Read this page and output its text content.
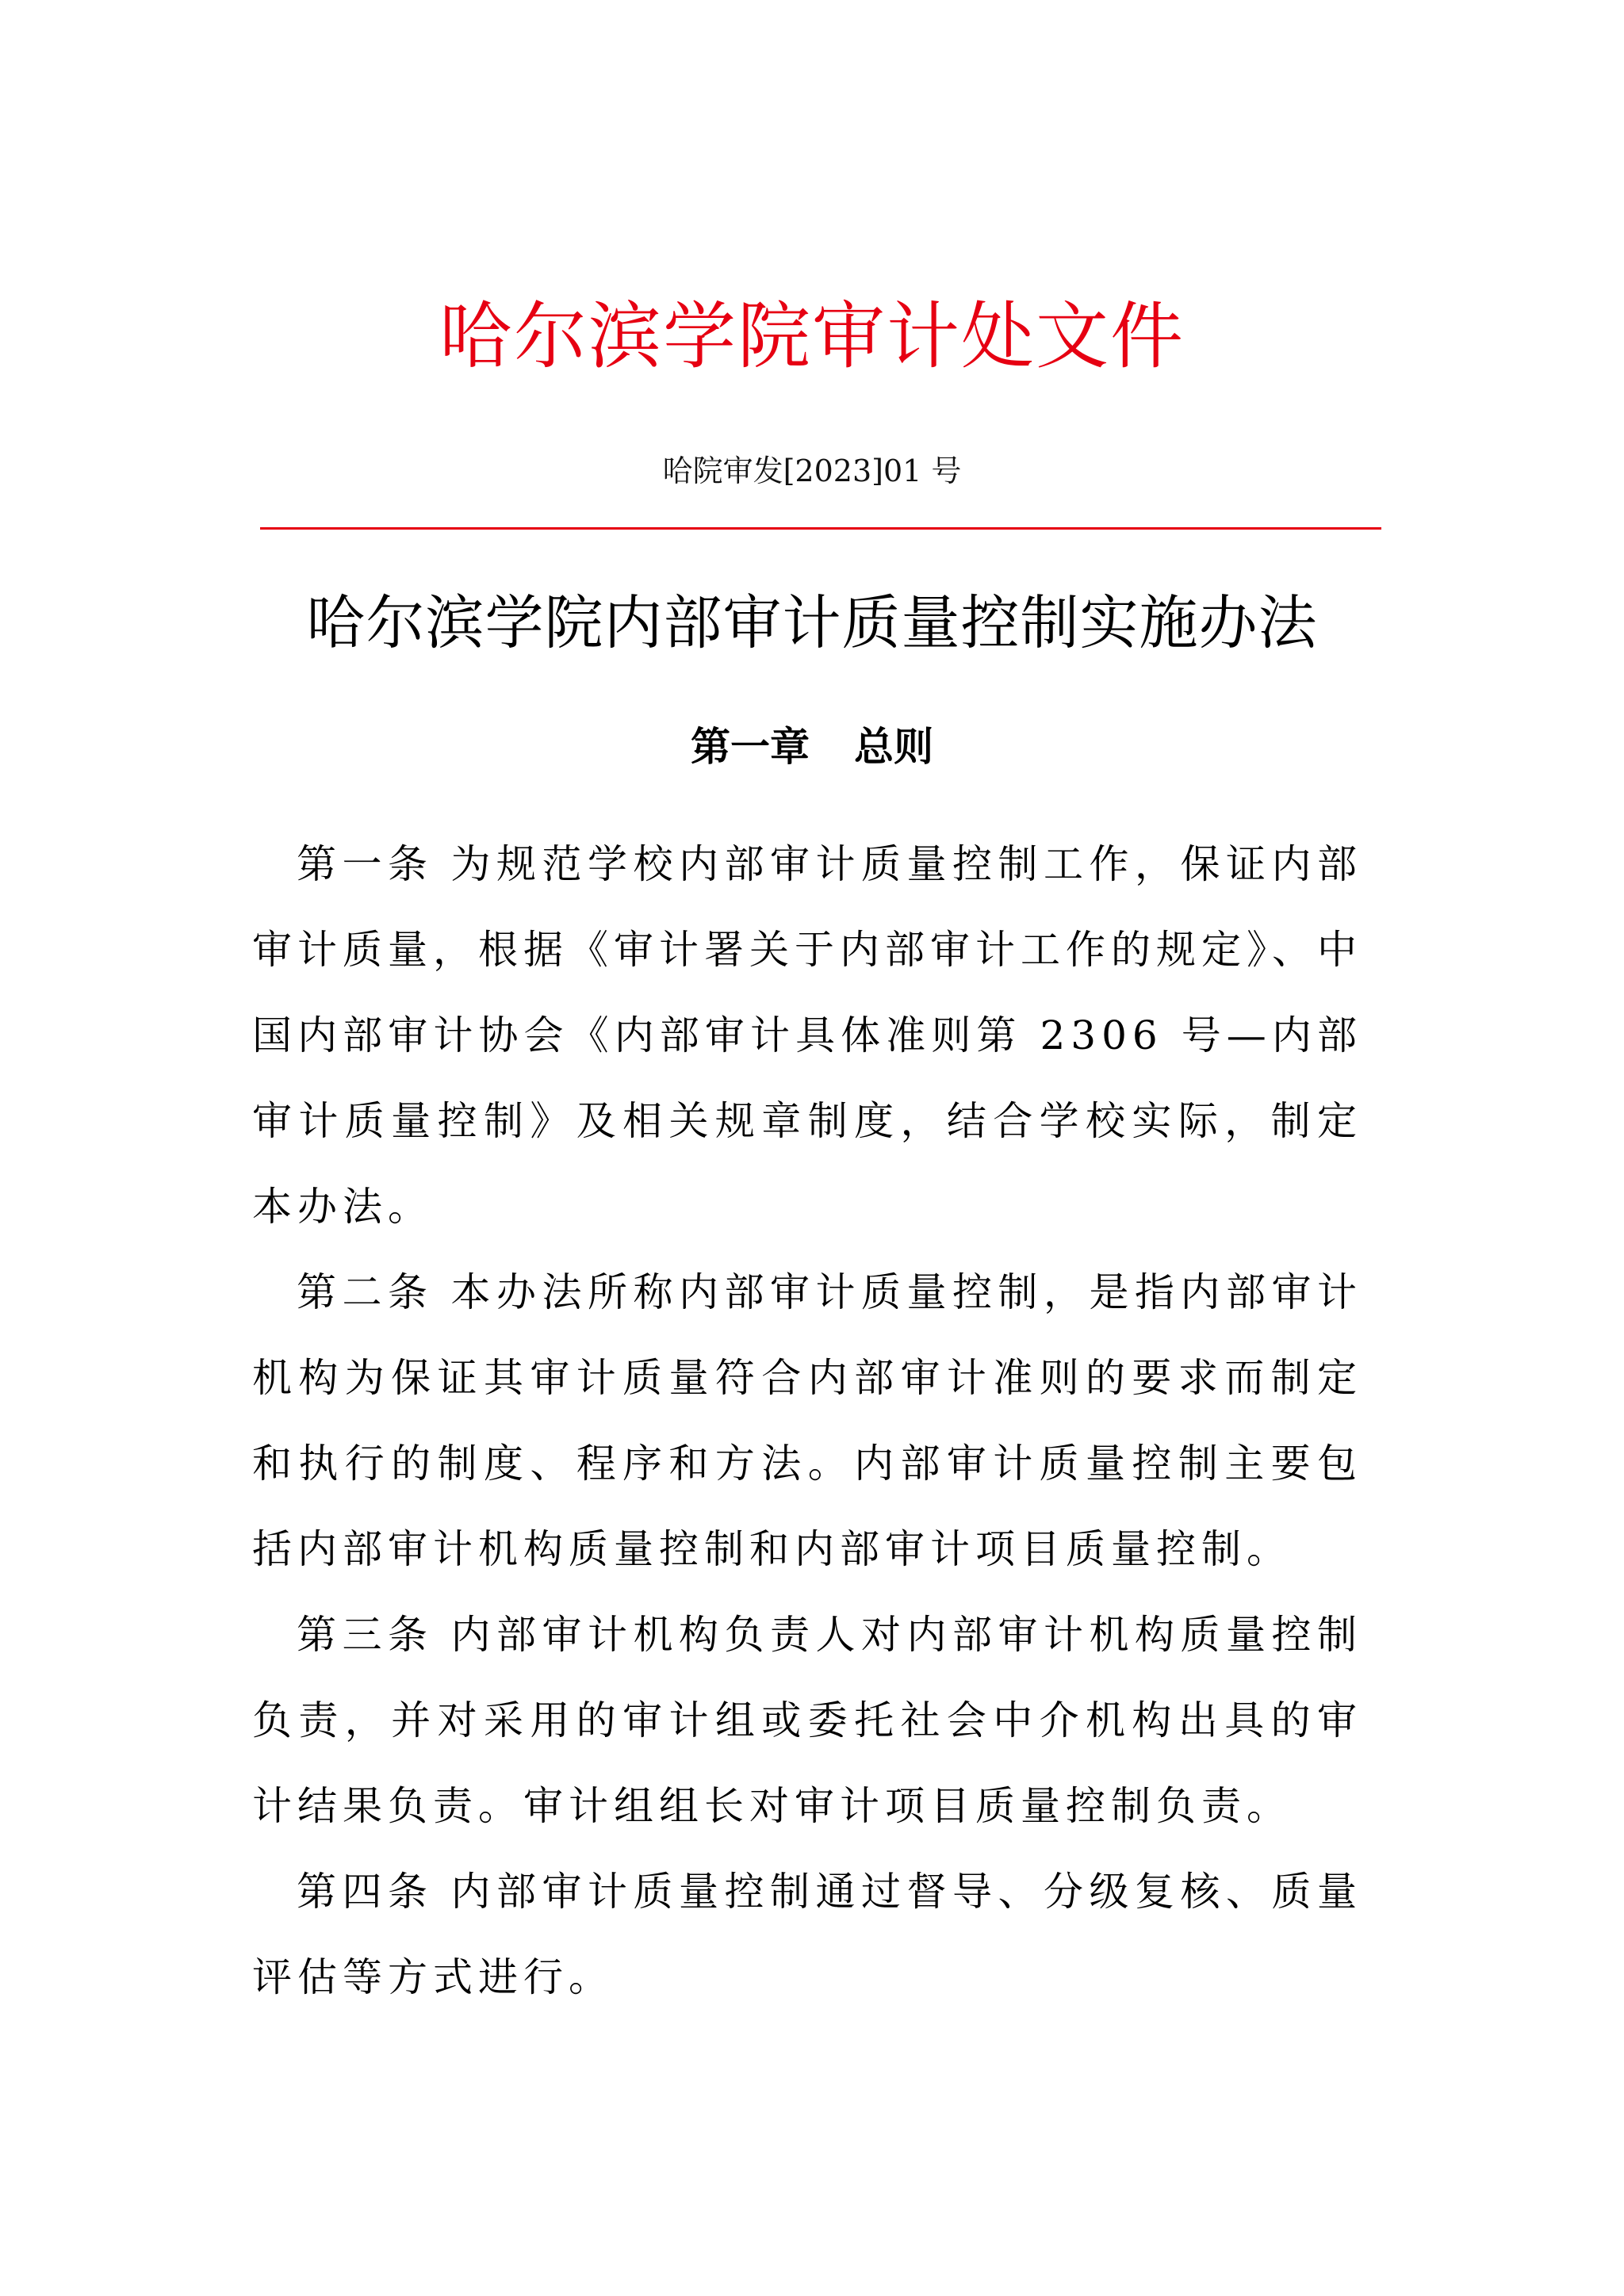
哈尔滨学院审计处文件
哈院审发[2023]01 号
哈尔滨学院内部审计质量控制实施办法
第一章 总则

第一条 为规范学校内部审计质量控制工作，保证内部审计质量，根据《审计署关于内部审计工作的规定》、中国内部审计协会《内部审计具体准则第 2306 号—内部审计质量控制》及相关规章制度，结合学校实际，制定本办法。

第二条 本办法所称内部审计质量控制，是指内部审计机构为保证其审计质量符合内部审计准则的要求而制定和执行的制度、程序和方法。内部审计质量控制主要包括内部审计机构质量控制和内部审计项目质量控制。

第三条 内部审计机构负责人对内部审计机构质量控制负责，并对采用的审计组或委托社会中介机构出具的审计结果负责。审计组组长对审计项目质量控制负责。

第四条 内部审计质量控制通过督导、分级复核、质量评估等方式进行。
